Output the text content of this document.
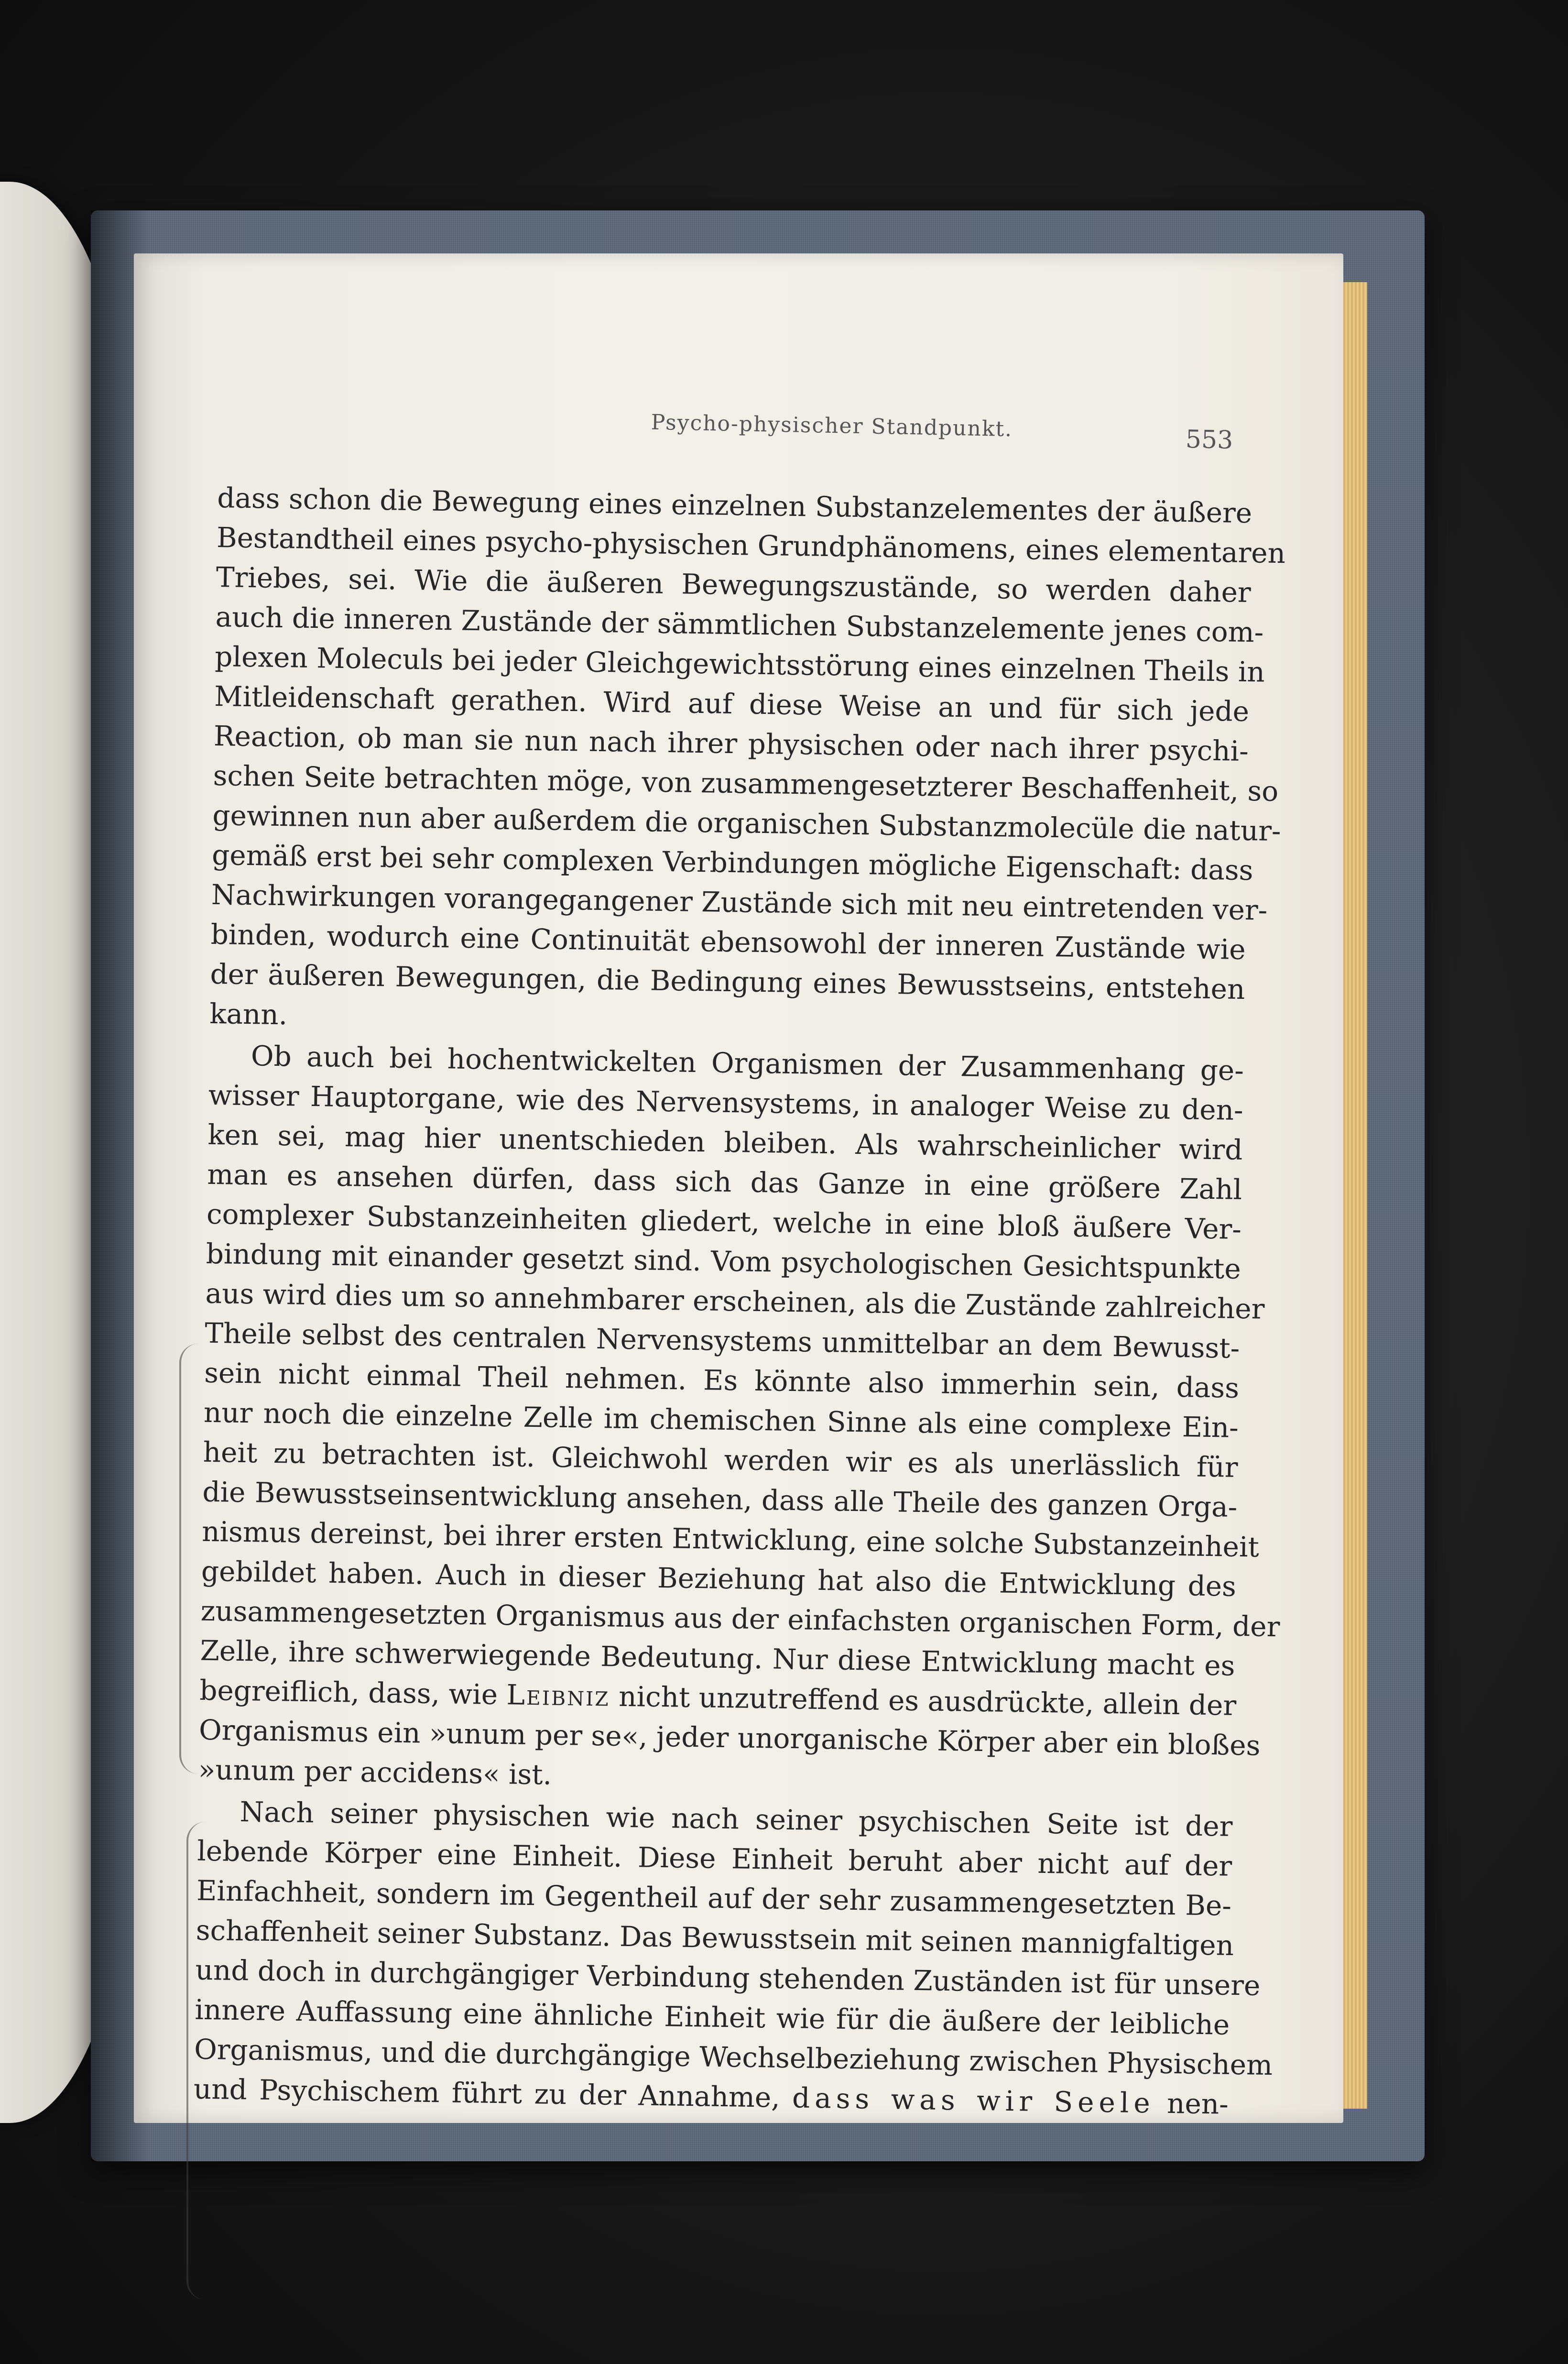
Psycho-physischer Standpunkt.	553
dass schon die Bewegung eines einzelnen Substanzelementes der äußere
Bestandtheil eines psycho-physischen Grundphänomens, eines elementaren
Triebes, sei. Wie die äußeren Bewegungszustände, so werden daher
auch die inneren Zustände der sämmtlichen Substanzelemente jenes com-
plexen Moleculs bei jeder Gleichgewichtsstörung eines einzelnen Theils in
Mitleidenschaft gerathen. Wird auf diese Weise an und für sich jede
Reaction, ob man sie nun nach ihrer physischen oder nach ihrer psychi-
schen Seite betrachten möge, von zusammengesetzterer Beschaffenheit, so
gewinnen nun aber außerdem die organischen Substanzmolecüle die natur-
gemäß erst bei sehr complexen Verbindungen mögliche Eigenschaft: dass
Nachwirkungen vorangegangener Zustände sich mit neu eintretenden ver-
binden, wodurch eine Continuität ebensowohl der inneren Zustände wie
der äußeren Bewegungen, die Bedingung eines Bewusstseins, entstehen
kann.
Ob auch bei hochentwickelten Organismen der Zusammenhang ge-
wisser Hauptorgane, wie des Nervensystems, in analoger Weise zu den-
ken sei, mag hier unentschieden bleiben. Als wahrscheinlicher wird
man es ansehen dürfen, dass sich das Ganze in eine größere Zahl
complexer Substanzeinheiten gliedert, welche in eine bloß äußere Ver-
bindung mit einander gesetzt sind. Vom psychologischen Gesichtspunkte
aus wird dies um so annehmbarer erscheinen, als die Zustände zahlreicher
Theile selbst des centralen Nervensystems unmittelbar an dem Bewusst-
sein nicht einmal Theil nehmen. Es könnte also immerhin sein, dass
nur noch die einzelne Zelle im chemischen Sinne als eine complexe Ein-
heit zu betrachten ist. Gleichwohl werden wir es als unerlässlich für
die Bewusstseinsentwicklung ansehen, dass alle Theile des ganzen Orga-
nismus dereinst, bei ihrer ersten Entwicklung, eine solche Substanzeinheit
gebildet haben. Auch in dieser Beziehung hat also die Entwicklung des
zusammengesetzten Organismus aus der einfachsten organischen Form, der
Zelle, ihre schwerwiegende Bedeutung. Nur diese Entwicklung macht es
begreiflich, dass, wie Leibniz nicht unzutreffend es ausdrückte, allein der
Organismus ein »unum per se«, jeder unorganische Körper aber ein bloßes
»unum per accidens« ist.
Nach seiner physischen wie nach seiner psychischen Seite ist der
lebende Körper eine Einheit. Diese Einheit beruht aber nicht auf der
Einfachheit, sondern im Gegentheil auf der sehr zusammengesetzten Be-
schaffenheit seiner Substanz. Das Bewusstsein mit seinen mannigfaltigen
und doch in durchgängiger Verbindung stehenden Zuständen ist für unsere
innere Auffassung eine ähnliche Einheit wie für die äußere der leibliche
Organismus, und die durchgängige Wechselbeziehung zwischen Physischem
und Psychischem führt zu der Annahme, dass was wir Seele nen-
